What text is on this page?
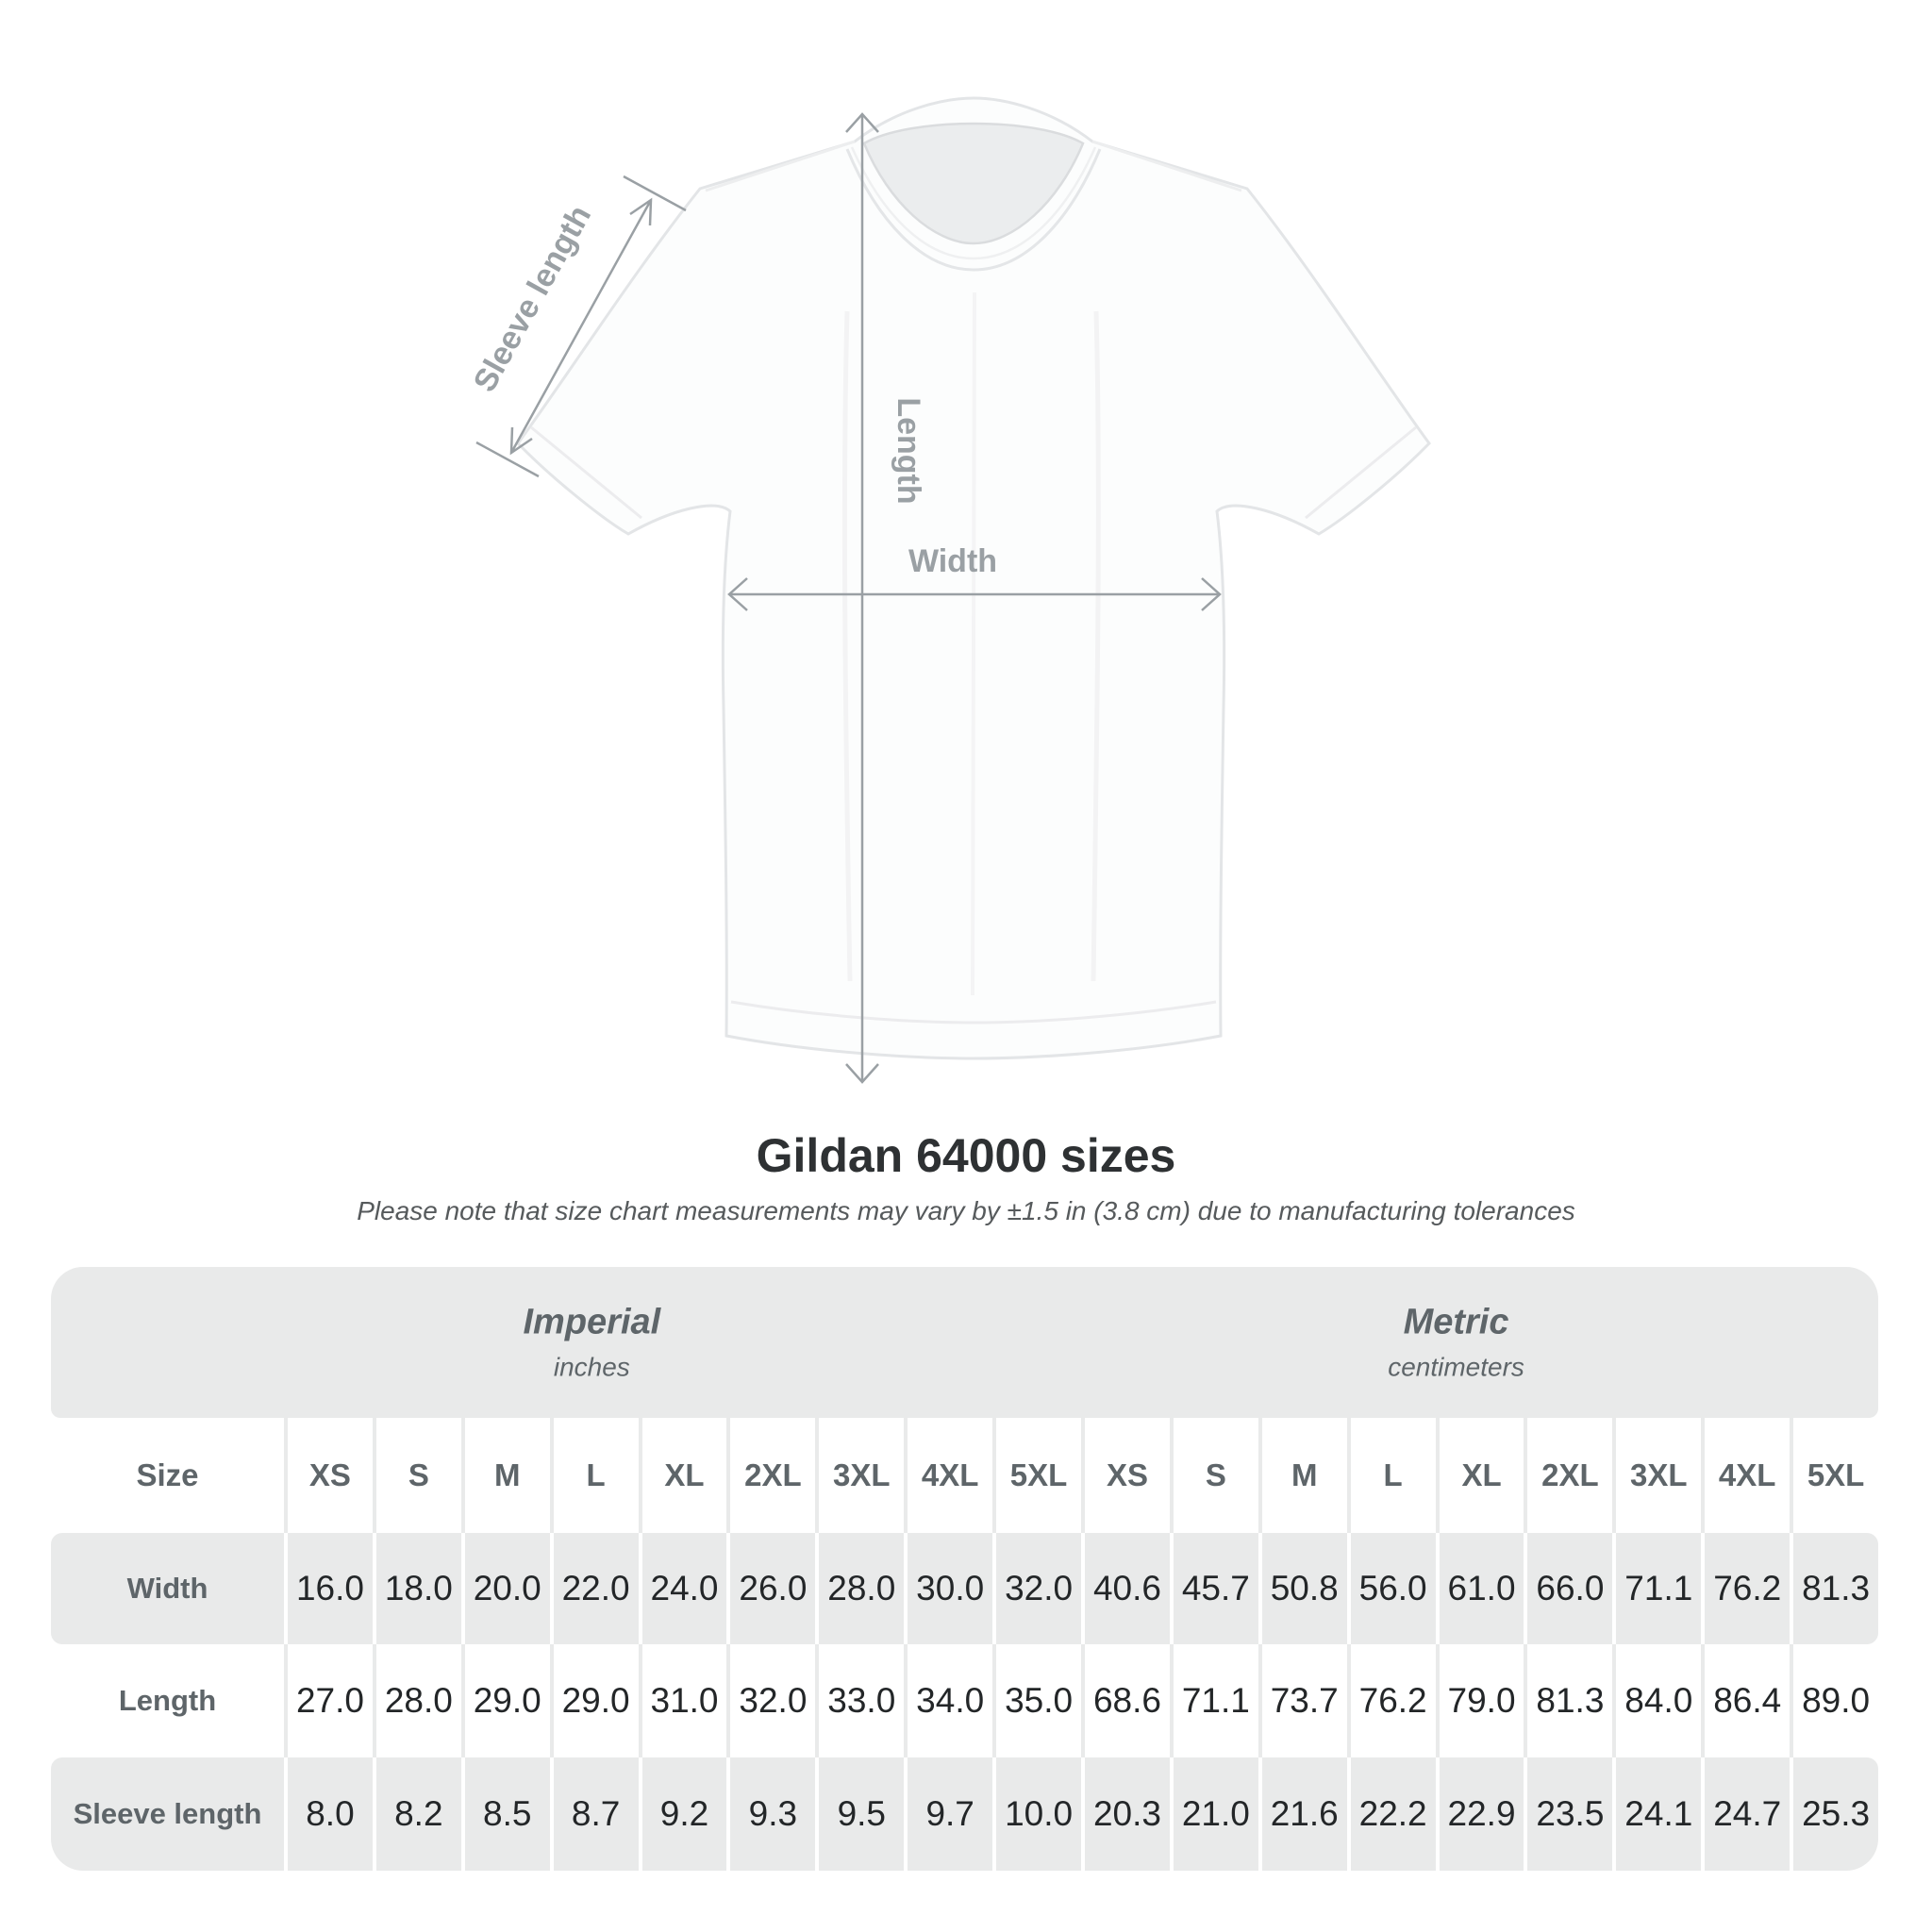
Sleeve length
Length
Width
Gildan 64000 sizes
Please note that size chart measurements may vary by ±1.5 in (3.8 cm) due to manufacturing tolerances
Imperial
inches
Metric
centimeters
Size	XS	S	M	L	XL	2XL	3XL	4XL	5XL	XS	S	M	L	XL	2XL	3XL	4XL	5XL
Width	16.0 18.0 20.0 22.0 24.0 26.0 28.0 30.0 32.0 40.6 45.7 50.8 56.0 61.0 66.0 71.1 76.2 81.3
Length	27.0 28.0 29.0 29.0 31.0 32.0 33.0 34.0 35.0 68.6 71.1 73.7 76.2 79.0 81.3 84.0 86.4 89.0
Sleeve length	8.0	8.2	8.5	8.7	9.2	9.3	9.5	9.7 10.0 20.3 21.0 21.6 22.2 22.9 23.5 24.1 24.7 25.3
